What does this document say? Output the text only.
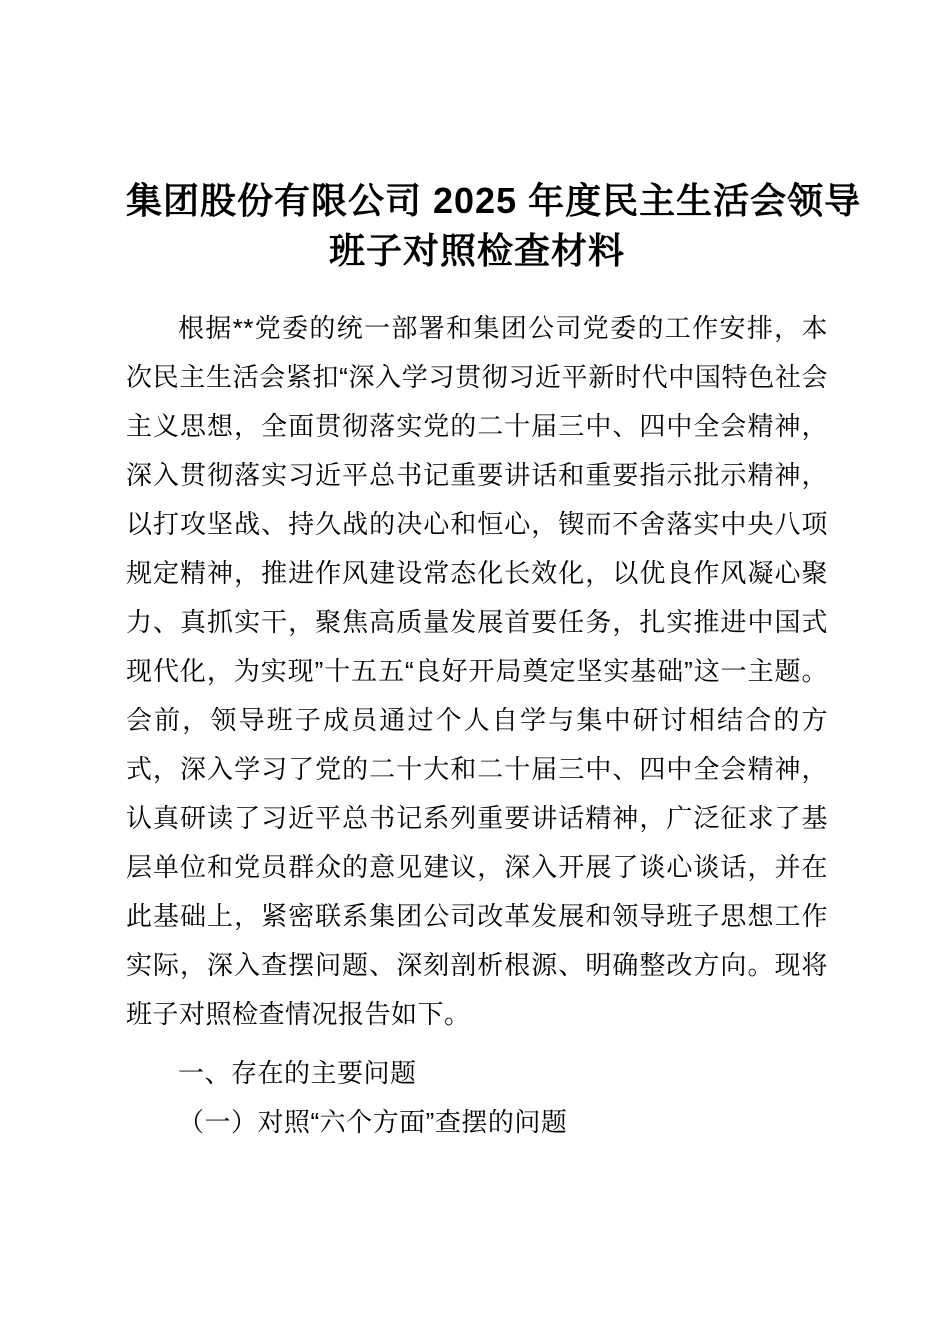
集团股份有限公司 2025 年度民主生活会领导
班子对照检查材料

根据**党委的统一部署和集团公司党委的工作安排，本次民主生活会紧扣“深入学习贯彻习近平新时代中国特色社会主义思想，全面贯彻落实党的二十届三中、四中全会精神，深入贯彻落实习近平总书记重要讲话和重要指示批示精神，以打攻坚战、持久战的决心和恒心，锲而不舍落实中央八项规定精神，推进作风建设常态化长效化，以优良作风凝心聚力、真抓实干，聚焦高质量发展首要任务，扎实推进中国式现代化，为实现”十五五“良好开局奠定坚实基础”这一主题。会前，领导班子成员通过个人自学与集中研讨相结合的方式，深入学习了党的二十大和二十届三中、四中全会精神，认真研读了习近平总书记系列重要讲话精神，广泛征求了基层单位和党员群众的意见建议，深入开展了谈心谈话，并在此基础上，紧密联系集团公司改革发展和领导班子思想工作实际，深入查摆问题、深刻剖析根源、明确整改方向。现将班子对照检查情况报告如下。

一、存在的主要问题

（一）对照“六个方面”查摆的问题
